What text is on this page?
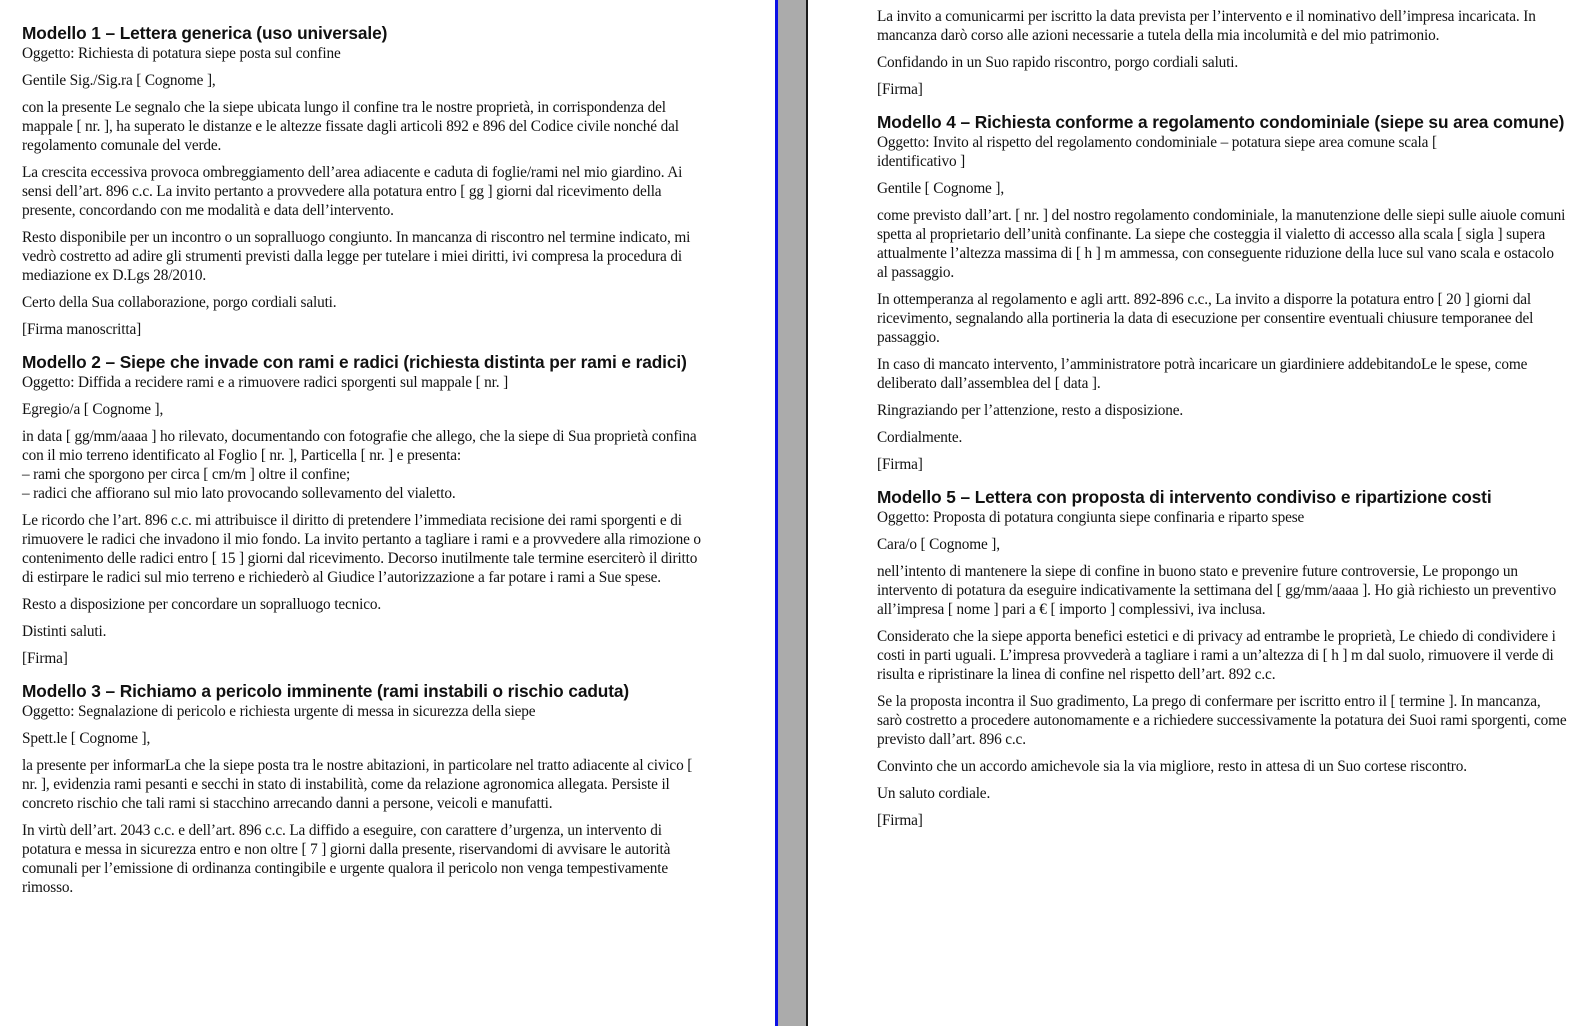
Modello 1 – Lettera generica (uso universale)

Oggetto: Richiesta di potatura siepe posta sul confine

Gentile Sig./Sig.ra [ Cognome ],

con la presente Le segnalo che la siepe ubicata lungo il confine tra le nostre proprietà, in corrispondenza del mappale [ nr. ], ha superato le distanze e le altezze fissate dagli articoli 892 e 896 del Codice civile nonché dal regolamento comunale del verde.

La crescita eccessiva provoca ombreggiamento dell’area adiacente e caduta di foglie/rami nel mio giardino. Ai sensi dell’art. 896 c.c. La invito pertanto a provvedere alla potatura entro [ gg ] giorni dal ricevimento della presente, concordando con me modalità e data dell’intervento.

Resto disponibile per un incontro o un sopralluogo congiunto. In mancanza di riscontro nel termine indicato, mi vedrò costretto ad adire gli strumenti previsti dalla legge per tutelare i miei diritti, ivi compresa la procedura di mediazione ex D.Lgs 28/2010.

Certo della Sua collaborazione, porgo cordiali saluti.

[Firma manoscritta]

Modello 2 – Siepe che invade con rami e radici (richiesta distinta per rami e radici)

Oggetto: Diffida a recidere rami e a rimuovere radici sporgenti sul mappale [ nr. ]

Egregio/a [ Cognome ],

in data [ gg/mm/aaaa ] ho rilevato, documentando con fotografie che allego, che la siepe di Sua proprietà confina con il mio terreno identificato al Foglio [ nr. ], Particella [ nr. ] e presenta:

– rami che sporgono per circa [ cm/m ] oltre il confine;

– radici che affiorano sul mio lato provocando sollevamento del vialetto.

Le ricordo che l’art. 896 c.c. mi attribuisce il diritto di pretendere l’immediata recisione dei rami sporgenti e di rimuovere le radici che invadono il mio fondo. La invito pertanto a tagliare i rami e a provvedere alla rimozione o contenimento delle radici entro [ 15 ] giorni dal ricevimento. Decorso inutilmente tale termine eserciterò il diritto di estirpare le radici sul mio terreno e richiederò al Giudice l’autorizzazione a far potare i rami a Sue spese.

Resto a disposizione per concordare un sopralluogo tecnico.

Distinti saluti.

[Firma]

Modello 3 – Richiamo a pericolo imminente (rami instabili o rischio caduta)

Oggetto: Segnalazione di pericolo e richiesta urgente di messa in sicurezza della siepe

Spett.le [ Cognome ],

la presente per informarLa che la siepe posta tra le nostre abitazioni, in particolare nel tratto adiacente al civico [ nr. ], evidenzia rami pesanti e secchi in stato di instabilità, come da relazione agronomica allegata. Persiste il concreto rischio che tali rami si stacchino arrecando danni a persone, veicoli e manufatti.

In virtù dell’art. 2043 c.c. e dell’art. 896 c.c. La diffido a eseguire, con carattere d’urgenza, un intervento di potatura e messa in sicurezza entro e non oltre [ 7 ] giorni dalla presente, riservandomi di avvisare le autorità comunali per l’emissione di ordinanza contingibile e urgente qualora il pericolo non venga tempestivamente rimosso.

La invito a comunicarmi per iscritto la data prevista per l’intervento e il nominativo dell’impresa incaricata. In mancanza darò corso alle azioni necessarie a tutela della mia incolumità e del mio patrimonio.

Confidando in un Suo rapido riscontro, porgo cordiali saluti.

[Firma]

Modello 4 – Richiesta conforme a regolamento condominiale (siepe su area comune)

Oggetto: Invito al rispetto del regolamento condominiale – potatura siepe area comune scala [ identificativo ]

Gentile [ Cognome ],

come previsto dall’art. [ nr. ] del nostro regolamento condominiale, la manutenzione delle siepi sulle aiuole comuni spetta al proprietario dell’unità confinante. La siepe che costeggia il vialetto di accesso alla scala [ sigla ] supera attualmente l’altezza massima di [ h ] m ammessa, con conseguente riduzione della luce sul vano scala e ostacolo al passaggio.

In ottemperanza al regolamento e agli artt. 892-896 c.c., La invito a disporre la potatura entro [ 20 ] giorni dal ricevimento, segnalando alla portineria la data di esecuzione per consentire eventuali chiusure temporanee del passaggio.

In caso di mancato intervento, l’amministratore potrà incaricare un giardiniere addebitandoLe le spese, come deliberato dall’assemblea del [ data ].

Ringraziando per l’attenzione, resto a disposizione.

Cordialmente.

[Firma]

Modello 5 – Lettera con proposta di intervento condiviso e ripartizione costi

Oggetto: Proposta di potatura congiunta siepe confinaria e riparto spese

Cara/o [ Cognome ],

nell’intento di mantenere la siepe di confine in buono stato e prevenire future controversie, Le propongo un intervento di potatura da eseguire indicativamente la settimana del [ gg/mm/aaaa ]. Ho già richiesto un preventivo all’impresa [ nome ] pari a € [ importo ] complessivi, iva inclusa.

Considerato che la siepe apporta benefici estetici e di privacy ad entrambe le proprietà, Le chiedo di condividere i costi in parti uguali. L’impresa provvederà a tagliare i rami a un’altezza di [ h ] m dal suolo, rimuovere il verde di risulta e ripristinare la linea di confine nel rispetto dell’art. 892 c.c.

Se la proposta incontra il Suo gradimento, La prego di confermare per iscritto entro il [ termine ]. In mancanza, sarò costretto a procedere autonomamente e a richiedere successivamente la potatura dei Suoi rami sporgenti, come previsto dall’art. 896 c.c.

Convinto che un accordo amichevole sia la via migliore, resto in attesa di un Suo cortese riscontro.

Un saluto cordiale.

[Firma]
